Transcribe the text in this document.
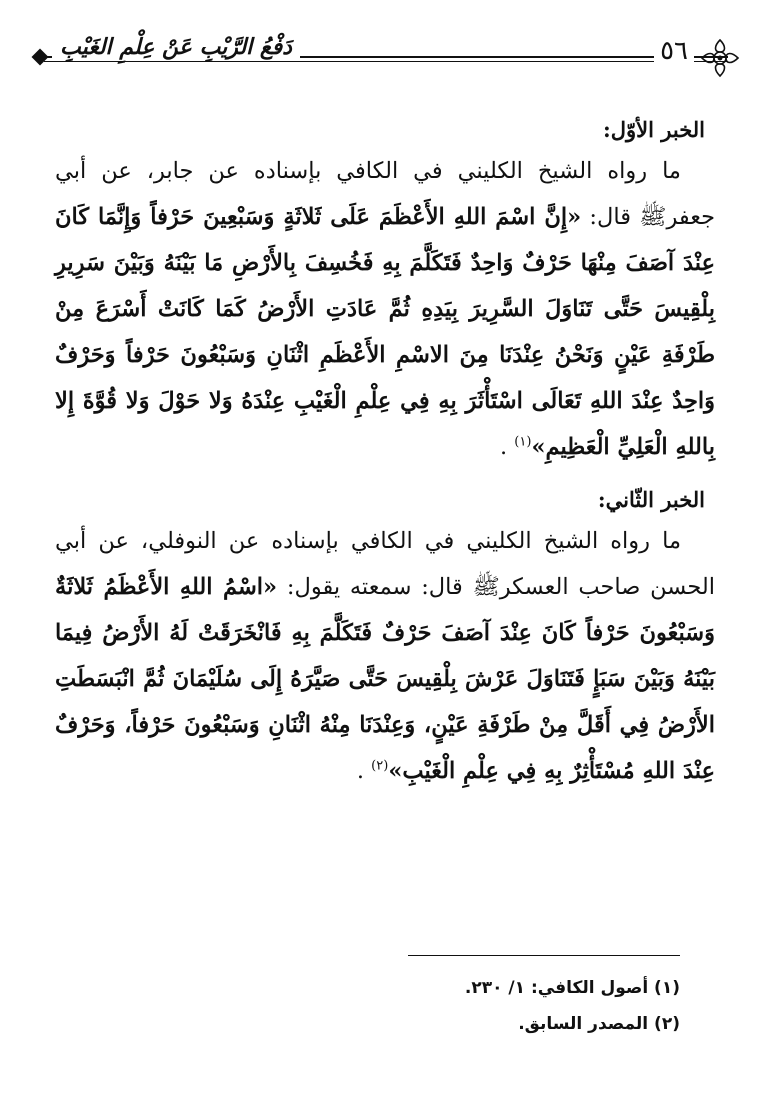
٥٦
دَفْعُ الرَّيْبِ عَنْ عِلْمِ الغَيْبِ

الخبر الأوّل:

ما رواه الشيخ الكليني في الكافي بإسناده عن جابر، عن أبي جعفرﷺ قال: «إِنَّ اسْمَ اللهِ الأَعْظَمَ عَلَى ثَلاثَةٍ وَسَبْعِينَ حَرْفاً وَإِنَّمَا كَانَ عِنْدَ آصَفَ مِنْهَا حَرْفٌ وَاحِدٌ فَتَكَلَّمَ بِهِ فَخُسِفَ بِالأَرْضِ مَا بَيْنَهُ وَبَيْنَ سَرِيرِ بِلْقِيسَ حَتَّى تَنَاوَلَ السَّرِيرَ بِيَدِهِ ثُمَّ عَادَتِ الأَرْضُ كَمَا كَانَتْ أَسْرَعَ مِنْ طَرْفَةِ عَيْنٍ وَنَحْنُ عِنْدَنَا مِنَ الاسْمِ الأَعْظَمِ اثْنَانِ وَسَبْعُونَ حَرْفاً وَحَرْفٌ وَاحِدٌ عِنْدَ اللهِ تَعَالَى اسْتَأْثَرَ بِهِ فِي عِلْمِ الْغَيْبِ عِنْدَهُ وَلا حَوْلَ وَلا قُوَّةَ إِلا بِاللهِ الْعَلِيِّ الْعَظِيمِ»$^{(١)}$ .

الخبر الثّاني:

ما رواه الشيخ الكليني في الكافي بإسناده عن النوفلي، عن أبي الحسن صاحب العسكرﷺ قال: سمعته يقول: «اسْمُ اللهِ الأَعْظَمُ ثَلاثَةٌ وَسَبْعُونَ حَرْفاً كَانَ عِنْدَ آصَفَ حَرْفٌ فَتَكَلَّمَ بِهِ فَانْخَرَقَتْ لَهُ الأَرْضُ فِيمَا بَيْنَهُ وَبَيْنَ سَبَإٍ فَتَنَاوَلَ عَرْشَ بِلْقِيسَ حَتَّى صَيَّرَهُ إِلَى سُلَيْمَانَ ثُمَّ انْبَسَطَتِ الأَرْضُ فِي أَقَلَّ مِنْ طَرْفَةِ عَيْنٍ، وَعِنْدَنَا مِنْهُ اثْنَانِ وَسَبْعُونَ حَرْفاً، وَحَرْفٌ عِنْدَ اللهِ مُسْتَأْثِرٌ بِهِ فِي عِلْمِ الْغَيْبِ»$^{(٢)}$ .

(١) أصول الكافي: ١/ ٢٣٠.

(٢) المصدر السابق.
